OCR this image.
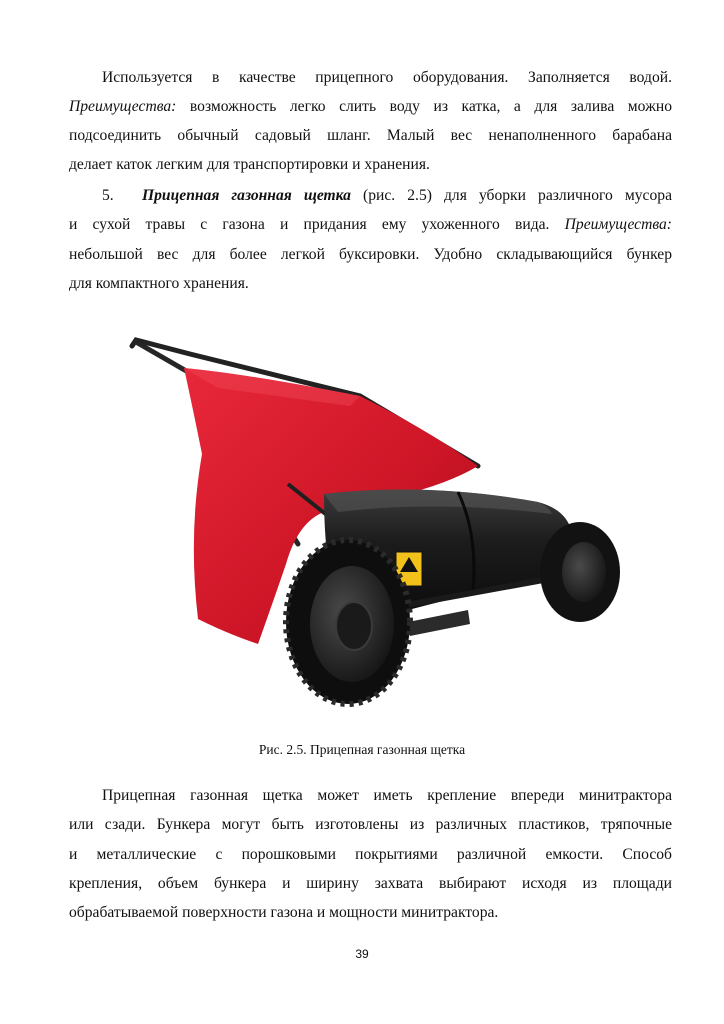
Используется в качестве прицепного оборудования. Заполняется водой.
Преимущества: возможность легко слить воду из катка, а для залива можно
подсоединить обычный садовый шланг. Малый вес ненаполненного барабана
делает каток легким для транспортировки и хранения.
5. Прицепная газонная щетка (рис. 2.5) для уборки различного мусора
и сухой травы с газона и придания ему ухоженного вида. Преимущества:
небольшой вес для более легкой буксировки. Удобно складывающийся бункер
для компактного хранения.
Рис. 2.5. Прицепная газонная щетка
Прицепная газонная щетка может иметь крепление впереди минитрактора
или сзади. Бункера могут быть изготовлены из различных пластиков, тряпочные
и металлические с порошковыми покрытиями различной емкости. Способ
крепления, объем бункера и ширину захвата выбирают исходя из площади
обрабатываемой поверхности газона и мощности минитрактора.
39
